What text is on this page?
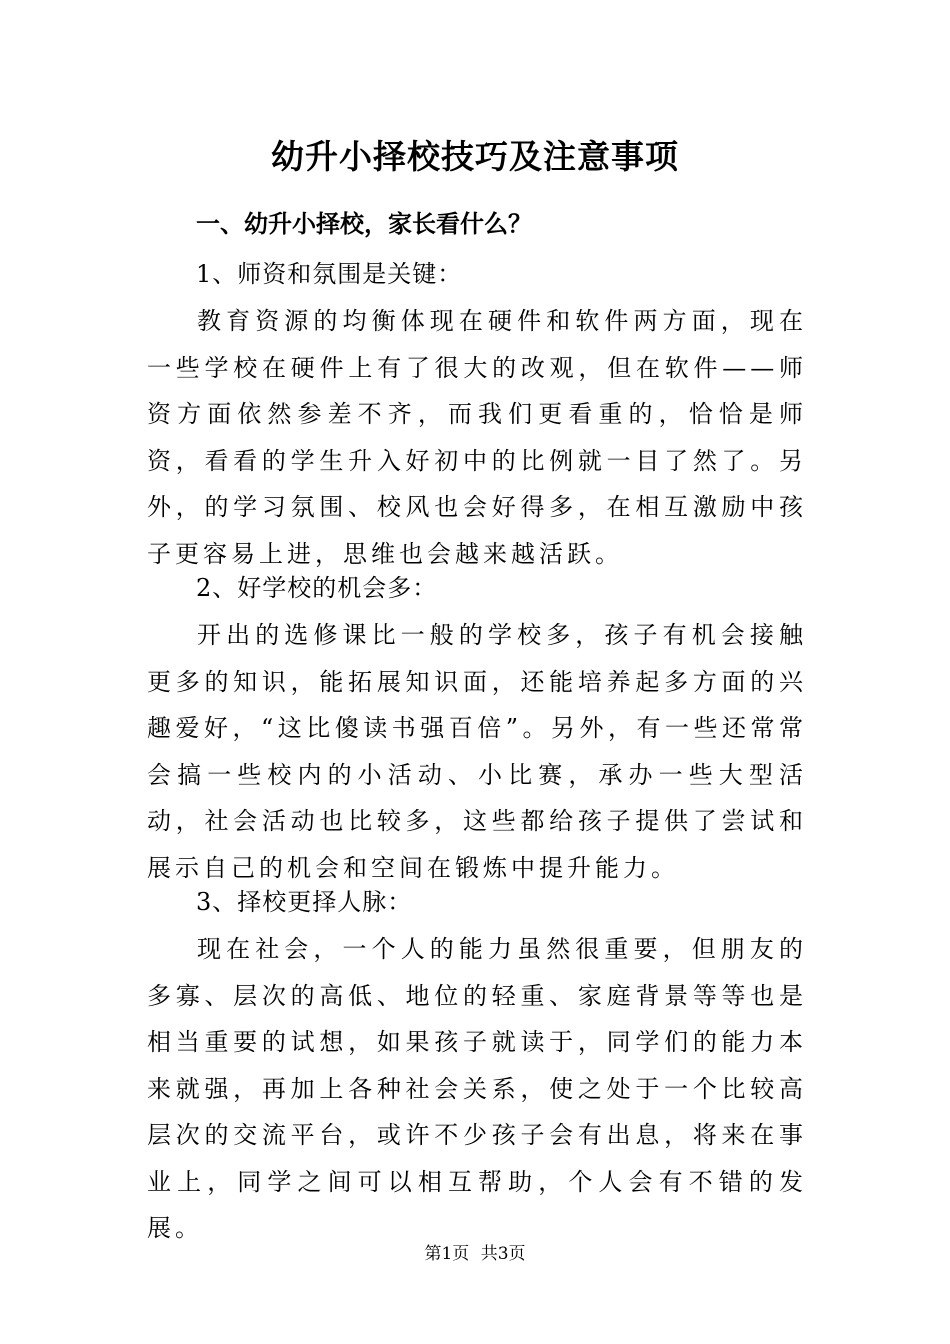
幼升小择校技巧及注意事项
一、幼升小择校，家长看什么？
1、师资和氛围是关键：
教育资源的均衡体现在硬件和软件两方面，现在一些学校在硬件上有了很大的改观，但在软件——师资方面依然参差不齐，而我们更看重的，恰恰是师资，看看的学生升入好初中的比例就一目了然了。另外，的学习氛围、校风也会好得多，在相互激励中孩子更容易上进，思维也会越来越活跃。
2、好学校的机会多：
开出的选修课比一般的学校多，孩子有机会接触更多的知识，能拓展知识面，还能培养起多方面的兴趣爱好，“这比傻读书强百倍”。另外，有一些还常常会搞一些校内的小活动、小比赛，承办一些大型活动，社会活动也比较多，这些都给孩子提供了尝试和展示自己的机会和空间在锻炼中提升能力。
3、择校更择人脉：
现在社会，一个人的能力虽然很重要，但朋友的多寡、层次的高低、地位的轻重、家庭背景等等也是相当重要的试想，如果孩子就读于，同学们的能力本来就强，再加上各种社会关系，使之处于一个比较高层次的交流平台，或许不少孩子会有出息，将来在事业上，同学之间可以相互帮助，个人会有不错的发展。
第1页 共3页
